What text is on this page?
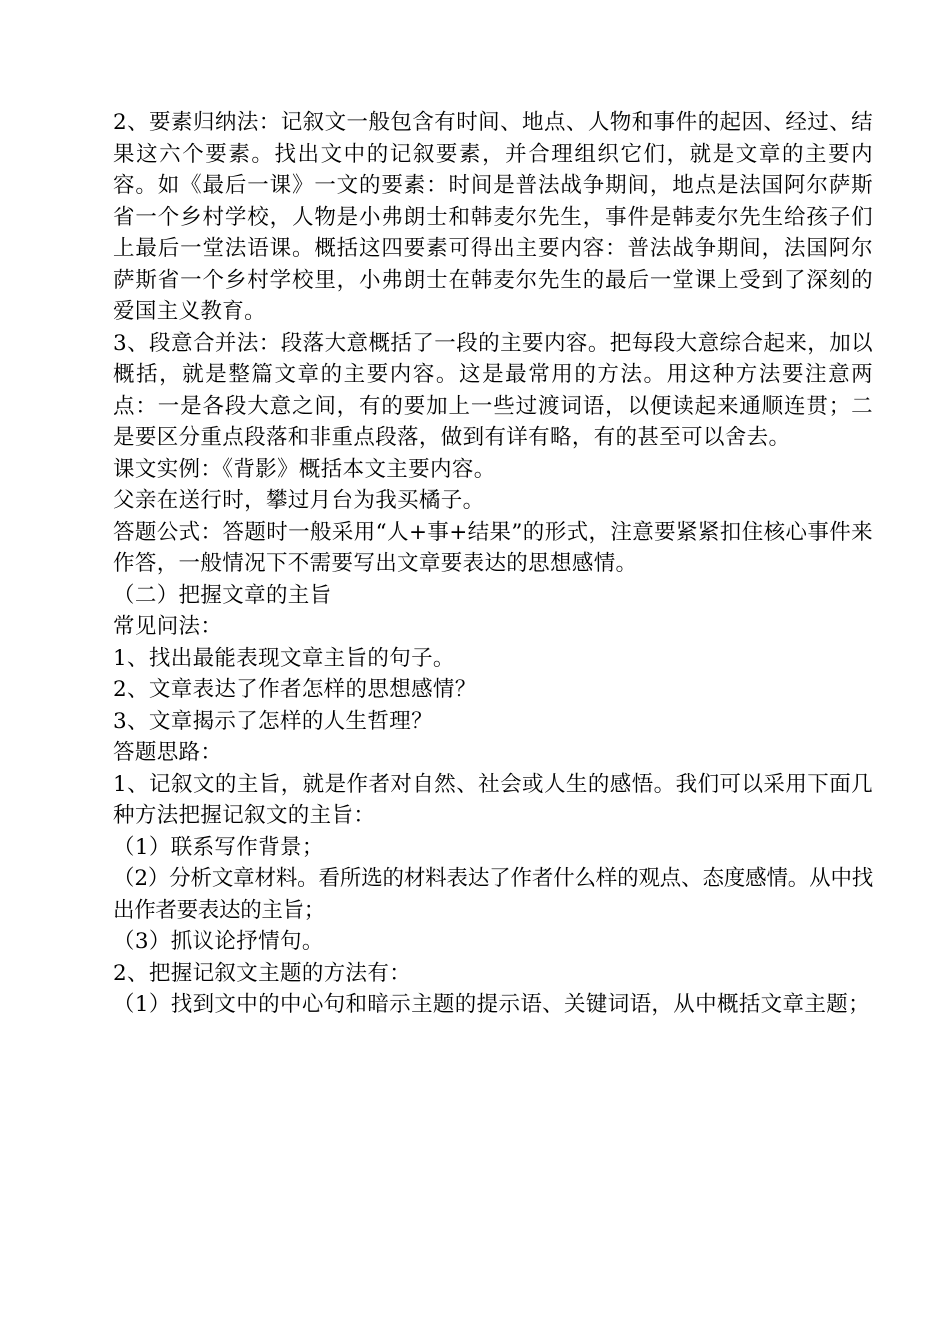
2、要素归纳法：记叙文一般包含有时间、地点、人物和事件的起因、经过、结果这六个要素。找出文中的记叙要素，并合理组织它们，就是文章的主要内容。如《最后一课》一文的要素：时间是普法战争期间，地点是法国阿尔萨斯省一个乡村学校，人物是小弗朗士和韩麦尔先生，事件是韩麦尔先生给孩子们上最后一堂法语课。概括这四要素可得出主要内容：普法战争期间，法国阿尔萨斯省一个乡村学校里，小弗朗士在韩麦尔先生的最后一堂课上受到了深刻的爱国主义教育。

3、段意合并法：段落大意概括了一段的主要内容。把每段大意综合起来，加以概括，就是整篇文章的主要内容。这是最常用的方法。用这种方法要注意两点：一是各段大意之间，有的要加上一些过渡词语，以便读起来通顺连贯；二是要区分重点段落和非重点段落，做到有详有略，有的甚至可以舍去。

课文实例：《背影》概括本文主要内容。

父亲在送行时，攀过月台为我买橘子。

答题公式：答题时一般采用“人+事+结果”的形式，注意要紧紧扣住核心事件来作答，一般情况下不需要写出文章要表达的思想感情。

（二）把握文章的主旨

常见问法：

1、找出最能表现文章主旨的句子。

2、文章表达了作者怎样的思想感情？

3、文章揭示了怎样的人生哲理？

答题思路：

1、记叙文的主旨，就是作者对自然、社会或人生的感悟。我们可以采用下面几种方法把握记叙文的主旨：

（1）联系写作背景；

（2）分析文章材料。看所选的材料表达了作者什么样的观点、态度感情。从中找出作者要表达的主旨；

（3）抓议论抒情句。

2、把握记叙文主题的方法有：

（1）找到文中的中心句和暗示主题的提示语、关键词语，从中概括文章主题；
